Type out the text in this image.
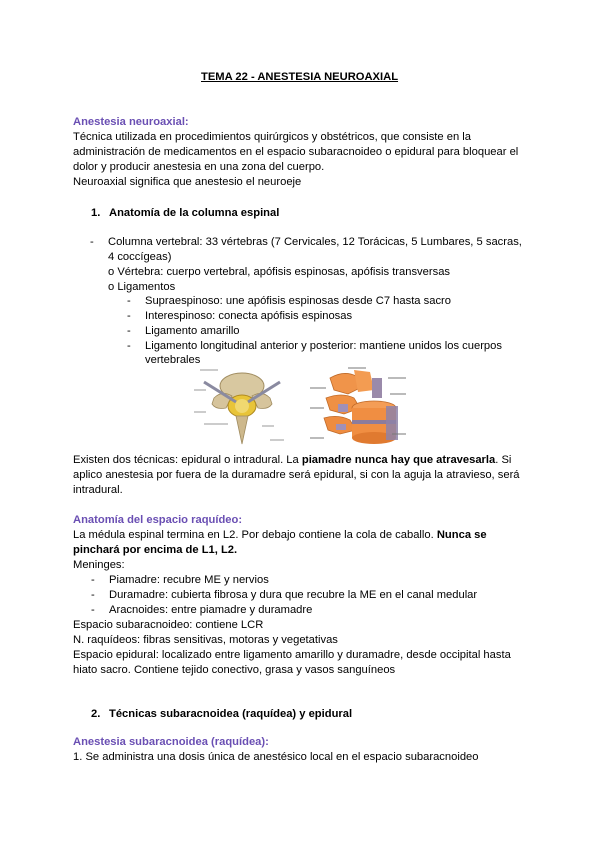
TEMA 22 - ANESTESIA NEUROAXIAL
Anestesia neuroaxial:
Técnica utilizada en procedimientos quirúrgicos y obstétricos, que consiste en la
administración de medicamentos en el espacio subaracnoideo o epidural para bloquear el
dolor y producir anestesia en una zona del cuerpo.
Neuroaxial significa que anestesio el neuroeje
1. Anatomía de la columna espinal
- Columna vertebral: 33 vértebras (7 Cervicales, 12 Torácicas, 5 Lumbares, 5 sacras,
4 coccígeas)
o Vértebra: cuerpo vertebral, apófisis espinosas, apófisis transversas
o Ligamentos
- Supraespinoso: une apófisis espinosas desde C7 hasta sacro
- Interespinoso: conecta apófisis espinosas
- Ligamento amarillo
- Ligamento longitudinal anterior y posterior: mantiene unidos los cuerpos
vertebrales
Existen dos técnicas: epidural o intradural. La piamadre nunca hay que atravesarla. Si
aplico anestesia por fuera de la duramadre será epidural, si con la aguja la atravieso, será
intradural.
Anatomía del espacio raquídeo:
La médula espinal termina en L2. Por debajo contiene la cola de caballo. Nunca se
pinchará por encima de L1, L2.
Meninges:
- Piamadre: recubre ME y nervios
- Duramadre: cubierta fibrosa y dura que recubre la ME en el canal medular
- Aracnoides: entre piamadre y duramadre
Espacio subaracnoideo: contiene LCR
N. raquídeos: fibras sensitivas, motoras y vegetativas
Espacio epidural: localizado entre ligamento amarillo y duramadre, desde occipital hasta
hiato sacro. Contiene tejido conectivo, grasa y vasos sanguíneos
2. Técnicas subaracnoidea (raquídea) y epidural
Anestesia subaracnoidea (raquídea):
1. Se administra una dosis única de anestésico local en el espacio subaracnoideo
